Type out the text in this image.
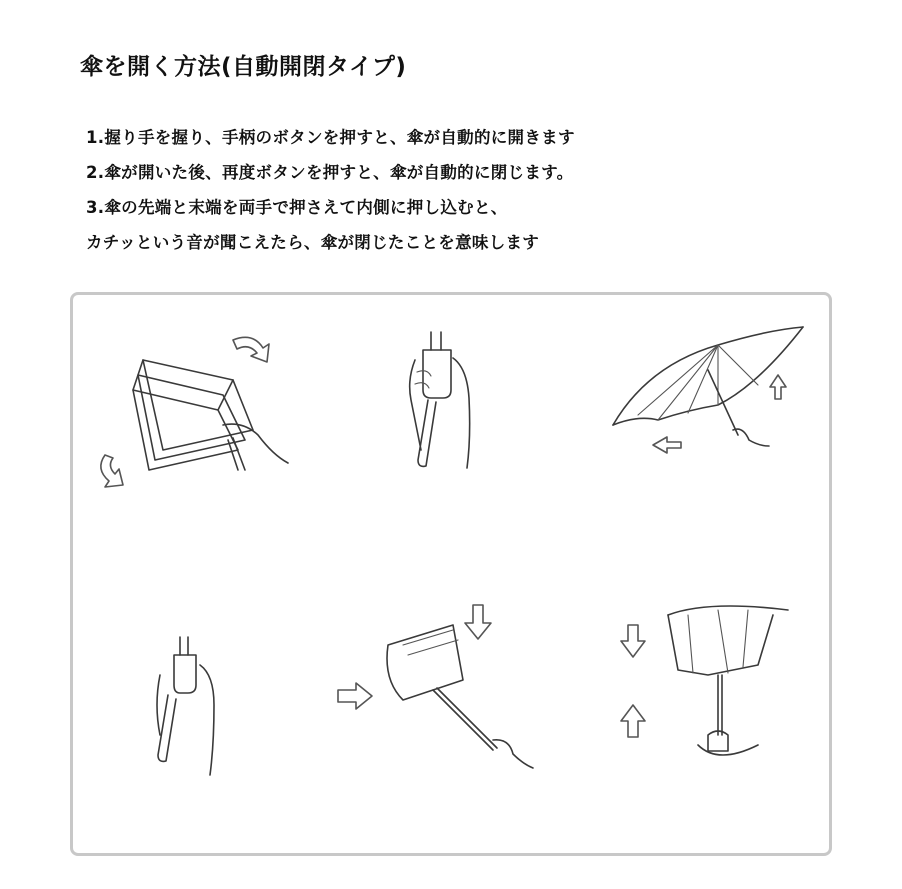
傘を開く方法(自動開閉タイプ)
1.握り手を握り、手柄のボタンを押すと、傘が自動的に開きます
2.傘が開いた後、再度ボタンを押すと、傘が自動的に閉じます。
3.傘の先端と末端を両手で押さえて内側に押し込むと、
カチッという音が聞こえたら、傘が閉じたことを意味します
